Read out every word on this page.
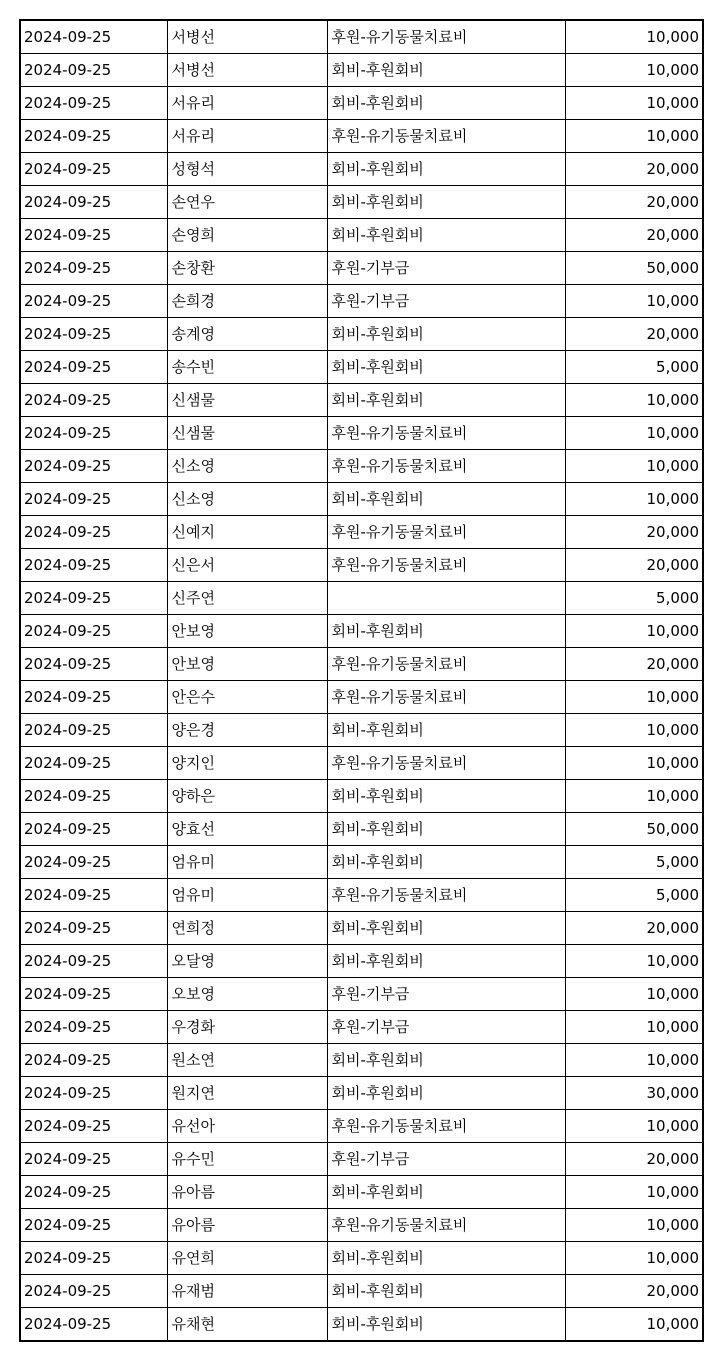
2024-09-25	서병선	후원-유기동물치료비	10,000
2024-09-25	서병선	회비-후원회비	10,000
2024-09-25	서유리	회비-후원회비	10,000
2024-09-25	서유리	후원-유기동물치료비	10,000
2024-09-25	성형석	회비-후원회비	20,000
2024-09-25	손연우	회비-후원회비	20,000
2024-09-25	손영희	회비-후원회비	20,000
2024-09-25	손창환	후원-기부금	50,000
2024-09-25	손희경	후원-기부금	10,000
2024-09-25	송계영	회비-후원회비	20,000
2024-09-25	송수빈	회비-후원회비	5,000
2024-09-25	신샘물	회비-후원회비	10,000
2024-09-25	신샘물	후원-유기동물치료비	10,000
2024-09-25	신소영	후원-유기동물치료비	10,000
2024-09-25	신소영	회비-후원회비	10,000
2024-09-25	신예지	후원-유기동물치료비	20,000
2024-09-25	신은서	후원-유기동물치료비	20,000
2024-09-25	신주연		5,000
2024-09-25	안보영	회비-후원회비	10,000
2024-09-25	안보영	후원-유기동물치료비	20,000
2024-09-25	안은수	후원-유기동물치료비	10,000
2024-09-25	양은경	회비-후원회비	10,000
2024-09-25	양지인	후원-유기동물치료비	10,000
2024-09-25	양하은	회비-후원회비	10,000
2024-09-25	양효선	회비-후원회비	50,000
2024-09-25	엄유미	회비-후원회비	5,000
2024-09-25	엄유미	후원-유기동물치료비	5,000
2024-09-25	연희정	회비-후원회비	20,000
2024-09-25	오달영	회비-후원회비	10,000
2024-09-25	오보영	후원-기부금	10,000
2024-09-25	우경화	후원-기부금	10,000
2024-09-25	원소연	회비-후원회비	10,000
2024-09-25	원지연	회비-후원회비	30,000
2024-09-25	유선아	후원-유기동물치료비	10,000
2024-09-25	유수민	후원-기부금	20,000
2024-09-25	유아름	회비-후원회비	10,000
2024-09-25	유아름	후원-유기동물치료비	10,000
2024-09-25	유연희	회비-후원회비	10,000
2024-09-25	유재범	회비-후원회비	20,000
2024-09-25	유채현	회비-후원회비	10,000
